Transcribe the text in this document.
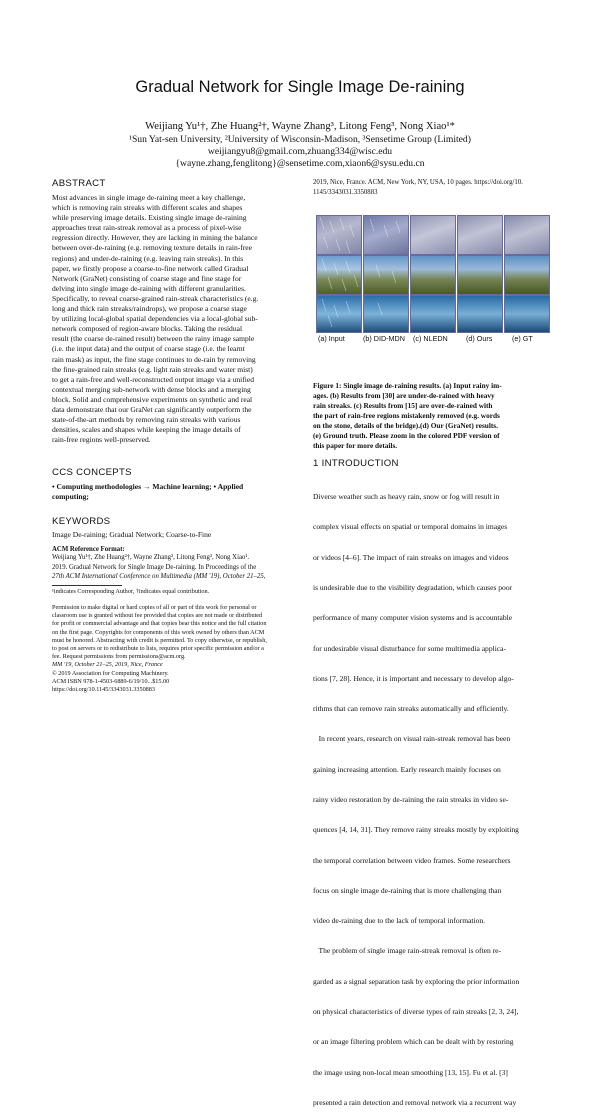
Gradual Network for Single Image De-raining
Weijiang Yu¹†, Zhe Huang²†, Wayne Zhang³, Litong Feng³, Nong Xiao¹*
¹Sun Yat-sen University, ²University of Wisconsin-Madison, ³Sensetime Group (Limited)
weijiangyu8@gmail.com,zhuang334@wisc.edu
{wayne.zhang,fenglitong}@sensetime.com,xiaon6@sysu.edu.cn
ABSTRACT

Most advances in single image de-raining meet a key challenge,

which is removing rain streaks with different scales and shapes

while preserving image details. Existing single image de-raining

approaches treat rain-streak removal as a process of pixel-wise

regression directly. However, they are lacking in mining the balance

between over-de-raining (e.g. removing texture details in rain-free

regions) and under-de-raining (e.g. leaving rain streaks). In this

paper, we firstly propose a coarse-to-fine network called Gradual

Network (GraNet) consisting of coarse stage and fine stage for

delving into single image de-raining with different granularities.

Specifically, to reveal coarse-grained rain-streak characteristics (e.g.

long and thick rain streaks/raindrops), we propose a coarse stage

by utilizing local-global spatial dependencies via a local-global sub-

network composed of region-aware blocks. Taking the residual

result (the coarse de-rained result) between the rainy image sample

(i.e. the input data) and the output of coarse stage (i.e. the learnt

rain mask) as input, the fine stage continues to de-rain by removing

the fine-grained rain streaks (e.g. light rain streaks and water mist)

to get a rain-free and well-reconstructed output image via a unified

contextual merging sub-network with dense blocks and a merging

block. Solid and comprehensive experiments on synthetic and real

data demonstrate that our GraNet can significantly outperform the

state-of-the-art methods by removing rain streaks with various

densities, scales and shapes while keeping the image details of

rain-free regions well-preserved.

CCS CONCEPTS

• Computing methodologies → Machine learning; • Applied

computing;

KEYWORDS
Image De-raining; Gradual Network; Coarse-to-Fine
ACM Reference Format:

Weijiang Yu¹†, Zhe Huang²†, Wayne Zhang³, Litong Feng³, Nong Xiao¹.

2019. Gradual Network for Single Image De-raining. In Proceedings of the

27th ACM International Conference on Multimedia (MM '19), October 21–25,

¹indicates Corresponding Author, †indicates equal contribution.
Permission to make digital or hard copies of all or part of this work for personal or
classroom use is granted without fee provided that copies are not made or distributed
for profit or commercial advantage and that copies bear this notice and the full citation
on the first page. Copyrights for components of this work owned by others than ACM
must be honored. Abstracting with credit is permitted. To copy otherwise, or republish,
to post on servers or to redistribute to lists, requires prior specific permission and/or a
fee. Request permissions from permissions@acm.org.
MM '19, October 21–25, 2019, Nice, France
© 2019 Association for Computing Machinery.
ACM ISBN 978-1-4503-6889-6/19/10...$15.00
https://doi.org/10.1145/3343031.3350883
2019, Nice, France. ACM, New York, NY, USA, 10 pages. https://doi.org/10.
1145/3343031.3350883
(a) Input	(b) DID-MDN (c) NLEDN	(d) Ours	(e) GT

Figure 1: Single image de-raining results. (a) Input rainy im-

ages. (b) Results from [30] are under-de-rained with heavy

rain streaks. (c) Results from [15] are over-de-rained with

the part of rain-free regions mistakenly removed (e.g. words

on the stone, details of the bridge).(d) Our (GraNet) results.

(e) Ground truth. Please zoom in the colored PDF version of

this paper for more details.

1 INTRODUCTION

Diverse weather such as heavy rain, snow or fog will result in

complex visual effects on spatial or temporal domains in images

or videos [4–6]. The impact of rain streaks on images and videos

is undesirable due to the visibility degradation, which causes poor

performance of many computer vision systems and is accountable

for undesirable visual disturbance for some multimedia applica-

tions [7, 28]. Hence, it is important and necessary to develop algo-

rithms that can remove rain streaks automatically and efficiently.

In recent years, research on visual rain-streak removal has been

gaining increasing attention. Early research mainly focuses on

rainy video restoration by de-raining the rain streaks in video se-

quences [4, 14, 31]. They remove rainy streaks mostly by exploiting

the temporal correlation between video frames. Some researchers

focus on single image de-raining that is more challenging than

video de-raining due to the lack of temporal information.

The problem of single image rain-streak removal is often re-

garded as a signal separation task by exploring the prior information

on physical characteristics of diverse types of rain streaks [2, 3, 24],

or an image filtering problem which can be dealt with by restoring

the image using non-local mean smoothing [13, 15]. Fu et al. [3]

presented a rain detection and removal network via a recurrent way
